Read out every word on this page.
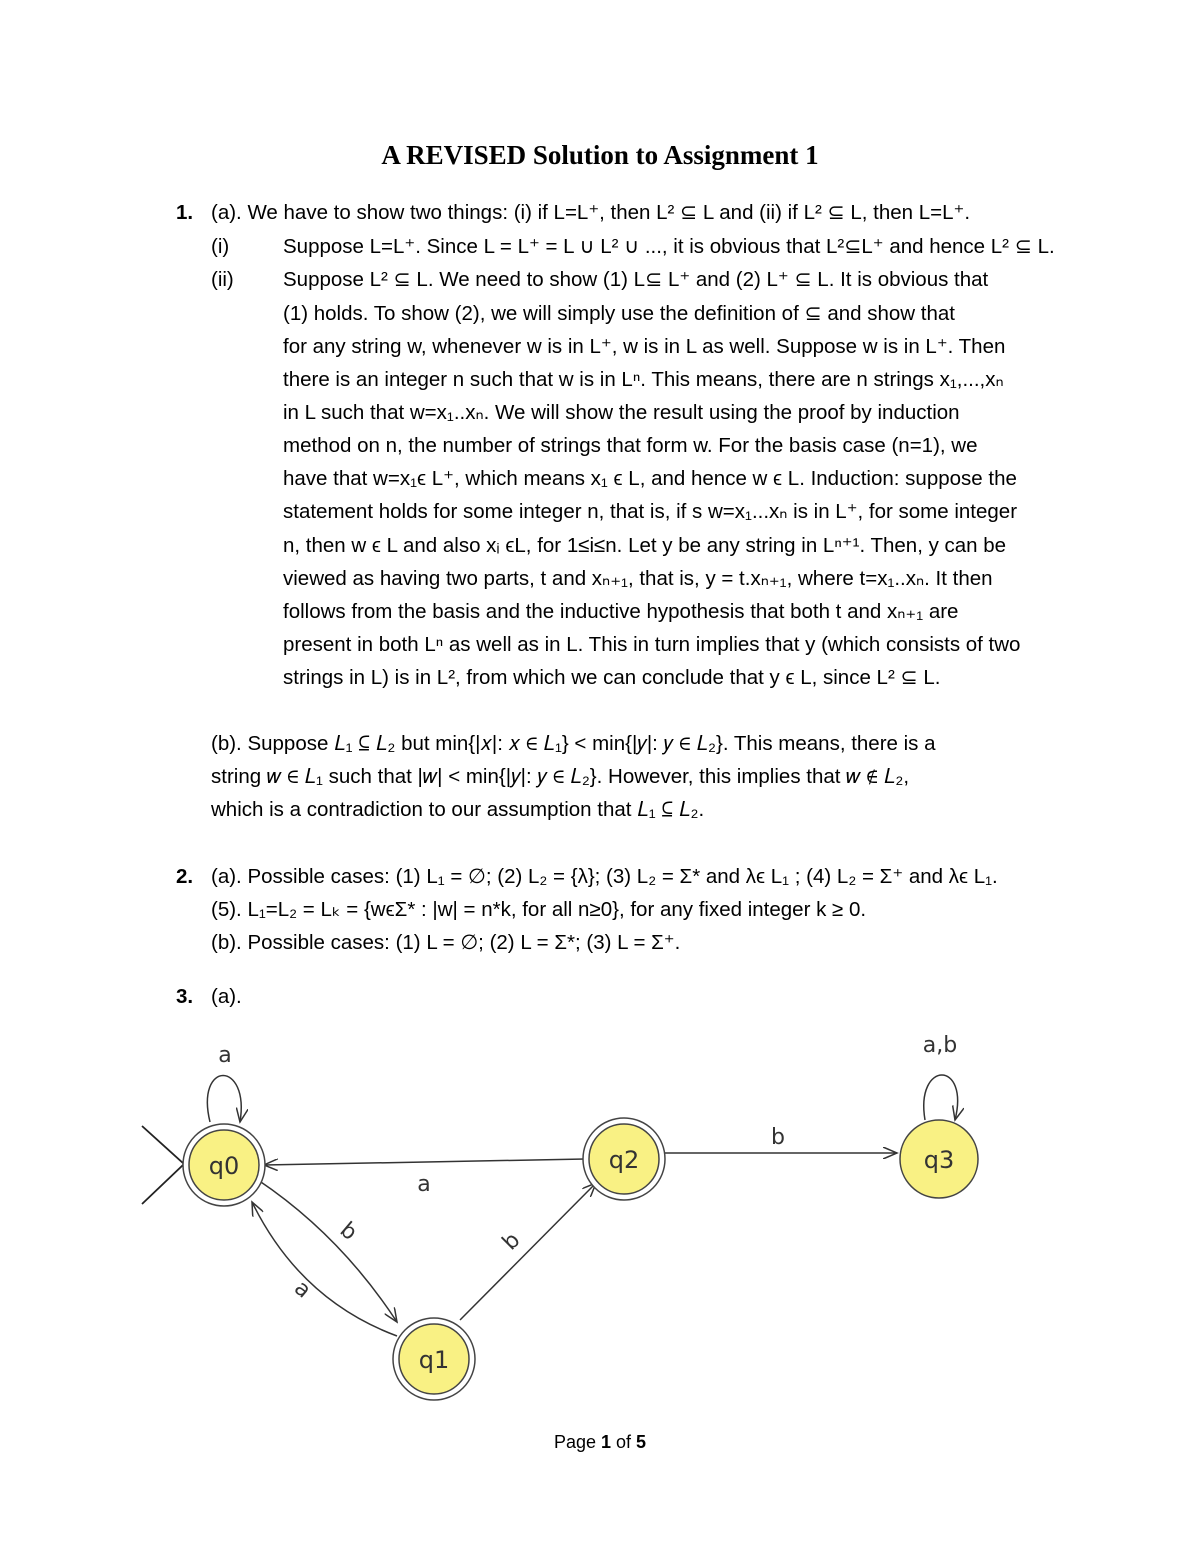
A REVISED Solution to Assignment 1
1. (a). We have to show two things: (i) if L=L⁺, then L² ⊆ L and (ii) if L² ⊆ L, then L=L⁺.
(i)	Suppose L=L⁺. Since L = L⁺ = L ∪ L² ∪ ..., it is obvious that L²⊆L⁺ and hence L² ⊆ L.
(ii) Suppose L² ⊆ L. We need to show (1) L⊆ L⁺ and (2) L⁺ ⊆ L. It is obvious that
(1) holds. To show (2), we will simply use the definition of ⊆ and show that
for any string w, whenever w is in L⁺, w is in L as well. Suppose w is in L⁺. Then
there is an integer n such that w is in Lⁿ. This means, there are n strings x₁,...,xₙ
in L such that w=x₁..xₙ. We will show the result using the proof by induction
method on n, the number of strings that form w. For the basis case (n=1), we
have that w=x₁ϵ L⁺, which means x₁ ϵ L, and hence w ϵ L. Induction: suppose the
statement holds for some integer n, that is, if s w=x₁...xₙ is in L⁺, for some integer
n, then w ϵ L and also xᵢ ϵL, for 1≤i≤n. Let y be any string in Lⁿ⁺¹. Then, y can be
viewed as having two parts, t and xₙ₊₁, that is, y = t.xₙ₊₁, where t=x₁..xₙ. It then
follows from the basis and the inductive hypothesis that both t and xₙ₊₁ are
present in both Lⁿ as well as in L. This in turn implies that y (which consists of two
strings in L) is in L², from which we can conclude that y ϵ L, since L² ⊆ L.
(b). Suppose 𝐿₁ ⊆ 𝐿₂ but min{|𝑥|: 𝑥 ∈ 𝐿₁} < min{|𝑦|: 𝑦 ∈ 𝐿₂}. This means, there is a
string 𝑤 ∈ 𝐿₁ such that |𝑤| < min{|𝑦|: 𝑦 ∈ 𝐿₂}. However, this implies that 𝑤 ∉ 𝐿₂,
which is a contradiction to our assumption that 𝐿₁ ⊆ 𝐿₂.
2. (a). Possible cases: (1) L₁ = ∅; (2) L₂ = {λ}; (3) L₂ = Σ* and λϵ L₁ ; (4) L₂ = Σ⁺ and λϵ L₁.
(5). L₁=L₂ = Lₖ = {wϵΣ* : |w| = n*k, for all n≥0}, for any fixed integer k ≥ 0.
(b). Possible cases: (1) L = ∅; (2) L = Σ*; (3) L = Σ⁺.
3. (a).
q0
q1
q2	q3
a	a,b
b
a
b
a
b
Page 1 of 5
